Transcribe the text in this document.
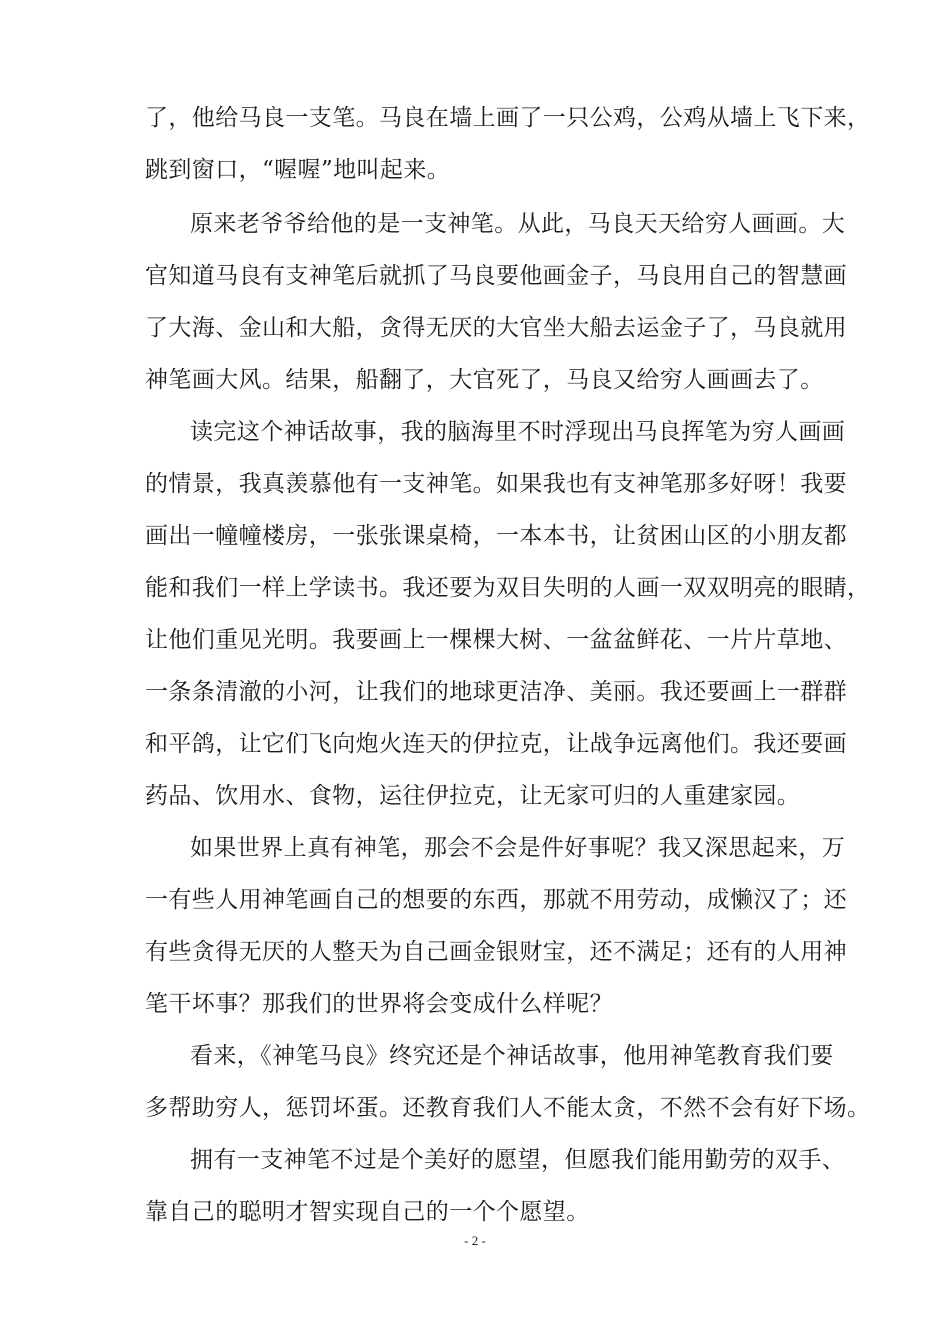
了，他给马良一支笔。马良在墙上画了一只公鸡，公鸡从墙上飞下来，
跳到窗口，“喔喔”地叫起来。
原来老爷爷给他的是一支神笔。从此，马良天天给穷人画画。大
官知道马良有支神笔后就抓了马良要他画金子，马良用自己的智慧画
了大海、金山和大船，贪得无厌的大官坐大船去运金子了，马良就用
神笔画大风。结果，船翻了，大官死了，马良又给穷人画画去了。
读完这个神话故事，我的脑海里不时浮现出马良挥笔为穷人画画
的情景，我真羡慕他有一支神笔。如果我也有支神笔那多好呀！我要
画出一幢幢楼房，一张张课桌椅，一本本书，让贫困山区的小朋友都
能和我们一样上学读书。我还要为双目失明的人画一双双明亮的眼睛，
让他们重见光明。我要画上一棵棵大树、一盆盆鲜花、一片片草地、
一条条清澈的小河，让我们的地球更洁净、美丽。我还要画上一群群
和平鸽，让它们飞向炮火连天的伊拉克，让战争远离他们。我还要画
药品、饮用水、食物，运往伊拉克，让无家可归的人重建家园。
如果世界上真有神笔，那会不会是件好事呢？我又深思起来，万
一有些人用神笔画自己的想要的东西，那就不用劳动，成懒汉了；还
有些贪得无厌的人整天为自己画金银财宝，还不满足；还有的人用神
笔干坏事？那我们的世界将会变成什么样呢？
看来，《神笔马良》终究还是个神话故事，他用神笔教育我们要
多帮助穷人，惩罚坏蛋。还教育我们人不能太贪，不然不会有好下场。
拥有一支神笔不过是个美好的愿望，但愿我们能用勤劳的双手、
靠自己的聪明才智实现自己的一个个愿望。
- 2 -
